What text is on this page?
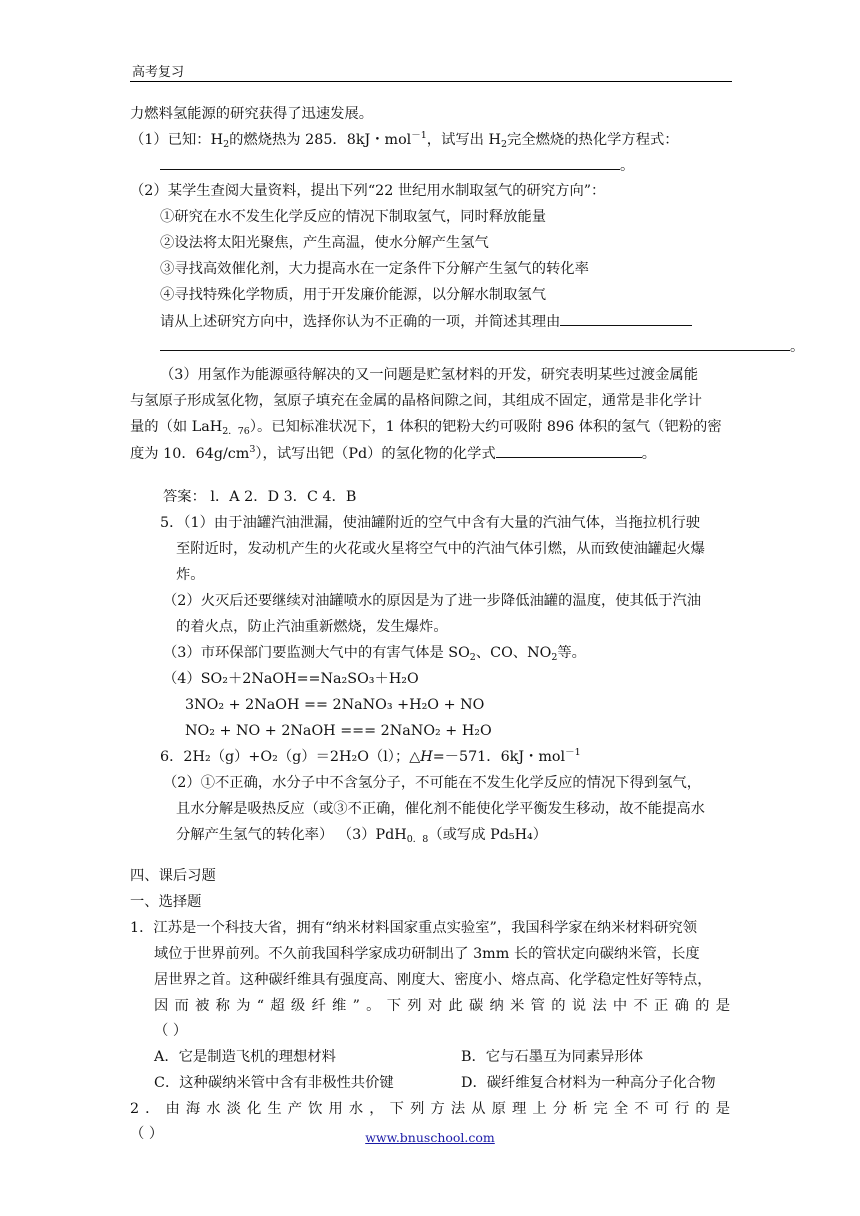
高考复习
力燃料氢能源的研究获得了迅速发展。
（1）已知：$H_2$的燃烧热为 285．8kJ・mol$^{-1}$，试写出 $H_2$完全燃烧的热化学方程式：
。
（2）某学生查阅大量资料，提出下列“22 世纪用水制取氢气的研究方向”：
①研究在水不发生化学反应的情况下制取氢气，同时释放能量
②设法将太阳光聚焦，产生高温，使水分解产生氢气
③寻找高效催化剂，大力提高水在一定条件下分解产生氢气的转化率
④寻找特殊化学物质，用于开发廉价能源，以分解水制取氢气
请从上述研究方向中，选择你认为不正确的一项，并简述其理由
。
（3）用氢作为能源亟待解决的又一问题是贮氢材料的开发，研究表明某些过渡金属能
与氢原子形成氢化物，氢原子填充在金属的晶格间隙之间，其组成不固定，通常是非化学计
量的（如 LaH$_{2.76}$）。已知标准状况下，1 体积的钯粉大约可吸附 896 体积的氢气（钯粉的密
度为 10．$64g/cm^3$），试写出钯（Pd）的氢化物的化学式	。
答案： l．A 2．D 3．C 4．B
5．（1）由于油罐汽油泄漏，使油罐附近的空气中含有大量的汽油气体，当拖拉机行驶
至附近时，发动机产生的火花或火星将空气中的汽油气体引燃，从而致使油罐起火爆
炸。
（2）火灭后还要继续对油罐喷水的原因是为了进一步降低油罐的温度，使其低于汽油
的着火点，防止汽油重新燃烧，发生爆炸。
（3）市环保部门要监测大气中的有害气体是 $SO_2$、CO、$NO_2$等。
（4）SO₂＋2NaOH==Na₂SO₃＋H₂O
3NO₂ + 2NaOH == 2NaNO₃ +H₂O + NO
NO₂ + NO + 2NaOH === 2NaNO₂ + H₂O
6．2H₂（g）+O₂（g）＝2H₂O（l）；△H=－571．6kJ・mol$^{-1}$
（2）①不正确，水分子中不含氢分子，不可能在不发生化学反应的情况下得到氢气，
且水分解是吸热反应（或③不正确，催化剂不能使化学平衡发生移动，故不能提高水
分解产生氢气的转化率） （3）PdH$_{0.8}$（或写成 Pd₅H₄）
四、课后习题
一、选择题
1．江苏是一个科技大省，拥有“纳米材料国家重点实验室”，我国科学家在纳米材料研究领
域位于世界前列。不久前我国科学家成功研制出了 3mm 长的管状定向碳纳米管，长度
居世界之首。这种碳纤维具有强度高、刚度大、密度小、熔点高、化学稳定性好等特点，
因而被称为“超级纤维”。下列对此碳纳米管的说法中不正确的是
（ ）
A．它是制造飞机的理想材料	B．它与石墨互为同素异形体
C．这种碳纳米管中含有非极性共价键	D．碳纤维复合材料为一种高分子化合物
2．由海水淡化生产饮用水，下列方法从原理上分析完全不可行的是
（ ）	www.bnuschool.com
